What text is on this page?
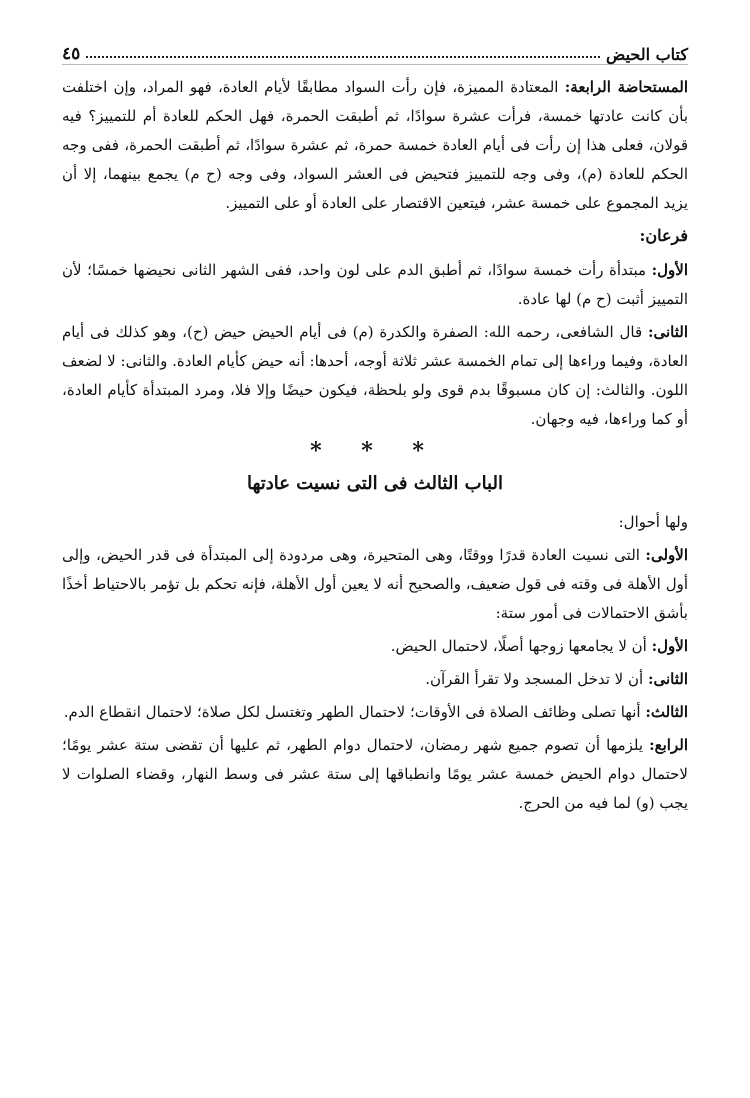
كتاب الحيض
٤٥

المستحاضة الرابعة: المعتادة المميزة، فإن رأت السواد مطابقًا لأيام العادة، فهو المراد، وإن اختلفت بأن كانت عادتها خمسة، فرأت عشرة سوادًا، ثم أطبقت الحمرة، فهل الحكم للعادة أم للتمييز؟ فيه قولان، فعلى هذا إن رأت فى أيام العادة خمسة حمرة، ثم عشرة سوادًا، ثم أطبقت الحمرة، ففى وجه الحكم للعادة (م)، وفى وجه للتمييز فتحيض فى العشر السواد، وفى وجه (ح م) يجمع بينهما، إلا أن يزيد المجموع على خمسة عشر، فيتعين الاقتصار على العادة أو على التمييز.

فرعان:

الأول: مبتدأة رأت خمسة سوادًا، ثم أطبق الدم على لون واحد، ففى الشهر الثانى نحيضها خمسًا؛ لأن التمييز أثبت (ح م) لها عادة.

الثانى: قال الشافعى، رحمه الله: الصفرة والكدرة (م) فى أيام الحيض حيض (ح)، وهو كذلك فى أيام العادة، وفيما وراءها إلى تمام الخمسة عشر ثلاثة أوجه، أحدها: أنه حيض كأيام العادة. والثانى: لا لضعف اللون. والثالث: إن كان مسبوقًا بدم قوى ولو بلحظة، فيكون حيضًا وإلا فلا، ومرد المبتدأة كأيام العادة، أو كما وراءها، فيه وجهان.

* * *
الباب الثالث فى التى نسيت عادتها

ولها أحوال:

الأولى: التى نسيت العادة قدرًا ووقتًا، وهى المتحيرة، وهى مردودة إلى المبتدأة فى قدر الحيض، وإلى أول الأهلة فى وقته فى قول ضعيف، والصحيح أنه لا يعين أول الأهلة، فإنه تحكم بل تؤمر بالاحتياط أخذًا بأشق الاحتمالات فى أمور ستة:

الأول: أن لا يجامعها زوجها أصلًا، لاحتمال الحيض.

الثانى: أن لا تدخل المسجد ولا تقرأ القرآن.

الثالث: أنها تصلى وظائف الصلاة فى الأوقات؛ لاحتمال الطهر وتغتسل لكل صلاة؛ لاحتمال انقطاع الدم.

الرابع: يلزمها أن تصوم جميع شهر رمضان، لاحتمال دوام الطهر، ثم عليها أن تقضى ستة عشر يومًا؛ لاحتمال دوام الحيض خمسة عشر يومًا وانطباقها إلى ستة عشر فى وسط النهار، وقضاء الصلوات لا يجب (و) لما فيه من الحرج.
